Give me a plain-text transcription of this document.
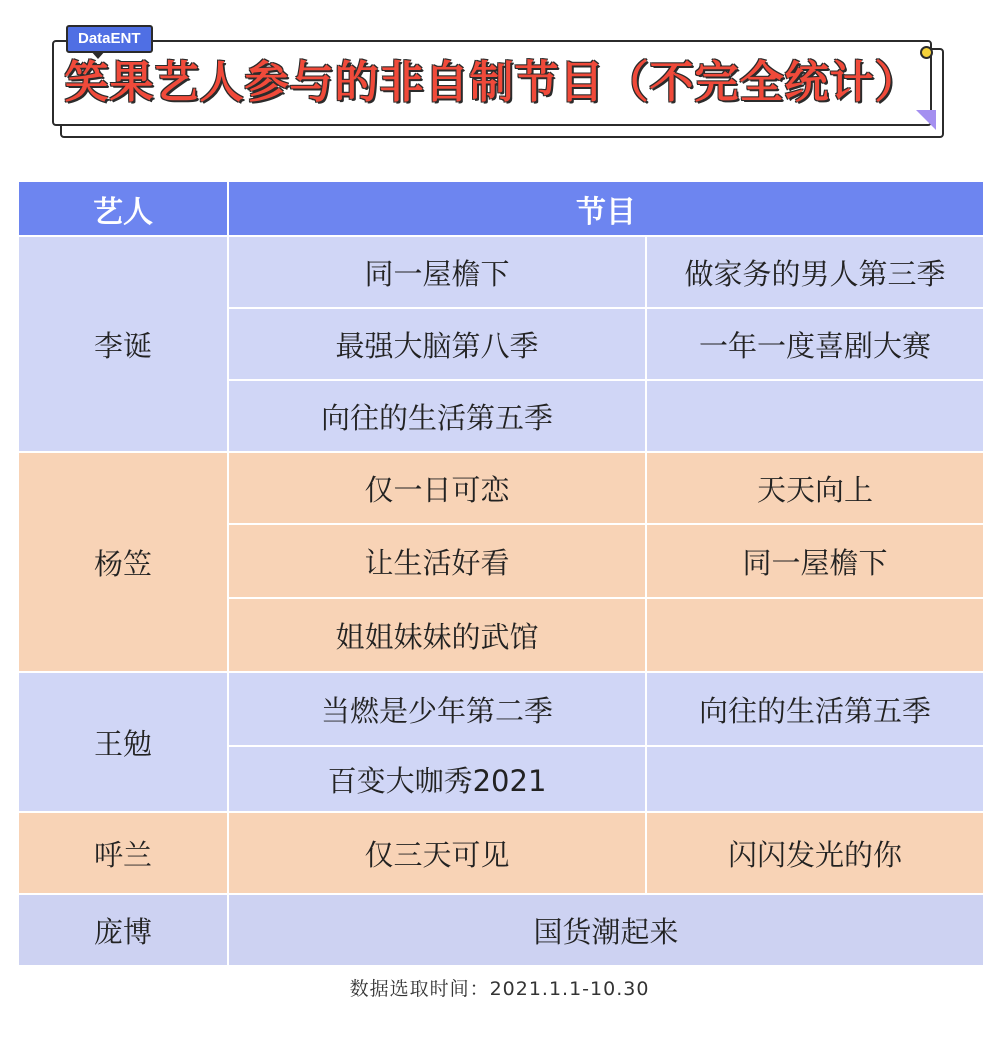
笑果艺人参与的非自制节目（不完全统计）
DataENT
艺人	节目
李诞
同一屋檐下	做家务的男人第三季
最强大脑第八季	一年一度喜剧大赛
向往的生活第五季
杨笠
仅一日可恋	天天向上
让生活好看	同一屋檐下
姐姐妹妹的武馆
王勉
当燃是少年第二季	向往的生活第五季
百变大咖秀2021
呼兰	仅三天可见	闪闪发光的你
庞博	国货潮起来
数据选取时间：2021.1.1-10.30
